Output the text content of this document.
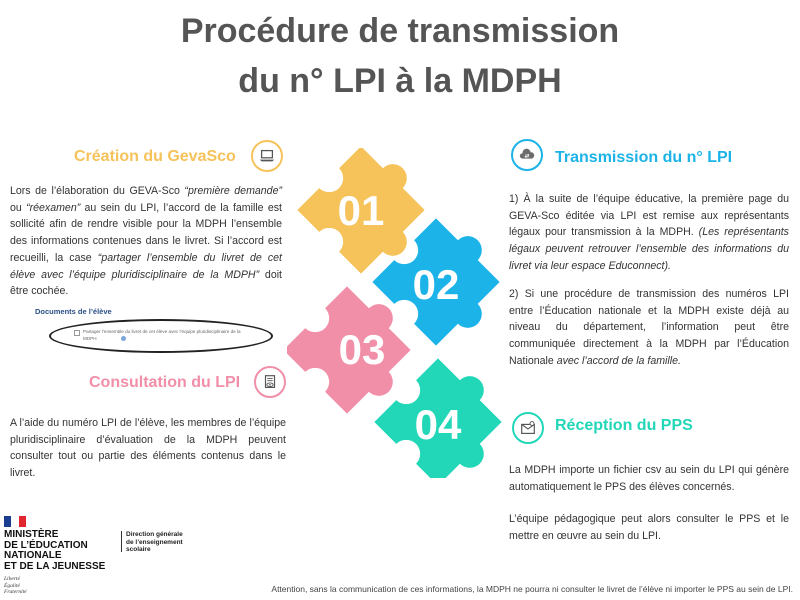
Procédure de transmission
du n° LPI à la MDPH
Création du GevaSco
Lors de l’élaboration du GEVA-Sco “première demande” ou “réexamen” au sein du LPI, l’accord de la famille est sollicité afin de rendre visible pour la MDPH l’ensemble des informations contenues dans le livret. Si l’accord est recueilli, la case “partager l’ensemble du livret de cet élève avec l’équipe pluridisciplinaire de la MDPH” doit être cochée.
Documents de l’élève
Partager l’ensemble du livret de cet élève avec l’équipe pluridisciplinaire de la MDPH
Consultation du LPI
A l’aide du numéro LPI de l’élève, les membres de l’équipe pluridisciplinaire d’évaluation de la MDPH peuvent consulter tout ou partie des éléments contenus dans le livret.
01
02
03
04
Transmission du n° LPI
1) À la suite de l’équipe éducative, la première page du GEVA-Sco éditée via LPI est remise aux représentants légaux pour transmission à la MDPH. (Les représentants légaux peuvent retrouver l’ensemble des informations du livret via leur espace Educonnect).
2) Si une procédure de transmission des numéros LPI entre l’Éducation nationale et la MDPH existe déjà au niveau du département, l’information peut être communiquée directement à la MDPH par l’Éducation Nationale avec l’accord de la famille.
Réception du PPS
La MDPH importe un fichier csv au sein du LPI qui génère automatiquement le PPS des élèves concernés.
L’équipe pédagogique peut alors consulter le PPS et le mettre en œuvre au sein du LPI.
MINISTÈRE
DE L’ÉDUCATION
NATIONALE
ET DE LA JEUNESSE
Liberté
Égalité
Fraternité
Direction générale
de l’enseignement
scolaire
Attention, sans la communication de ces informations, la MDPH ne pourra ni consulter le livret de l’élève ni importer le PPS au sein de LPI.
